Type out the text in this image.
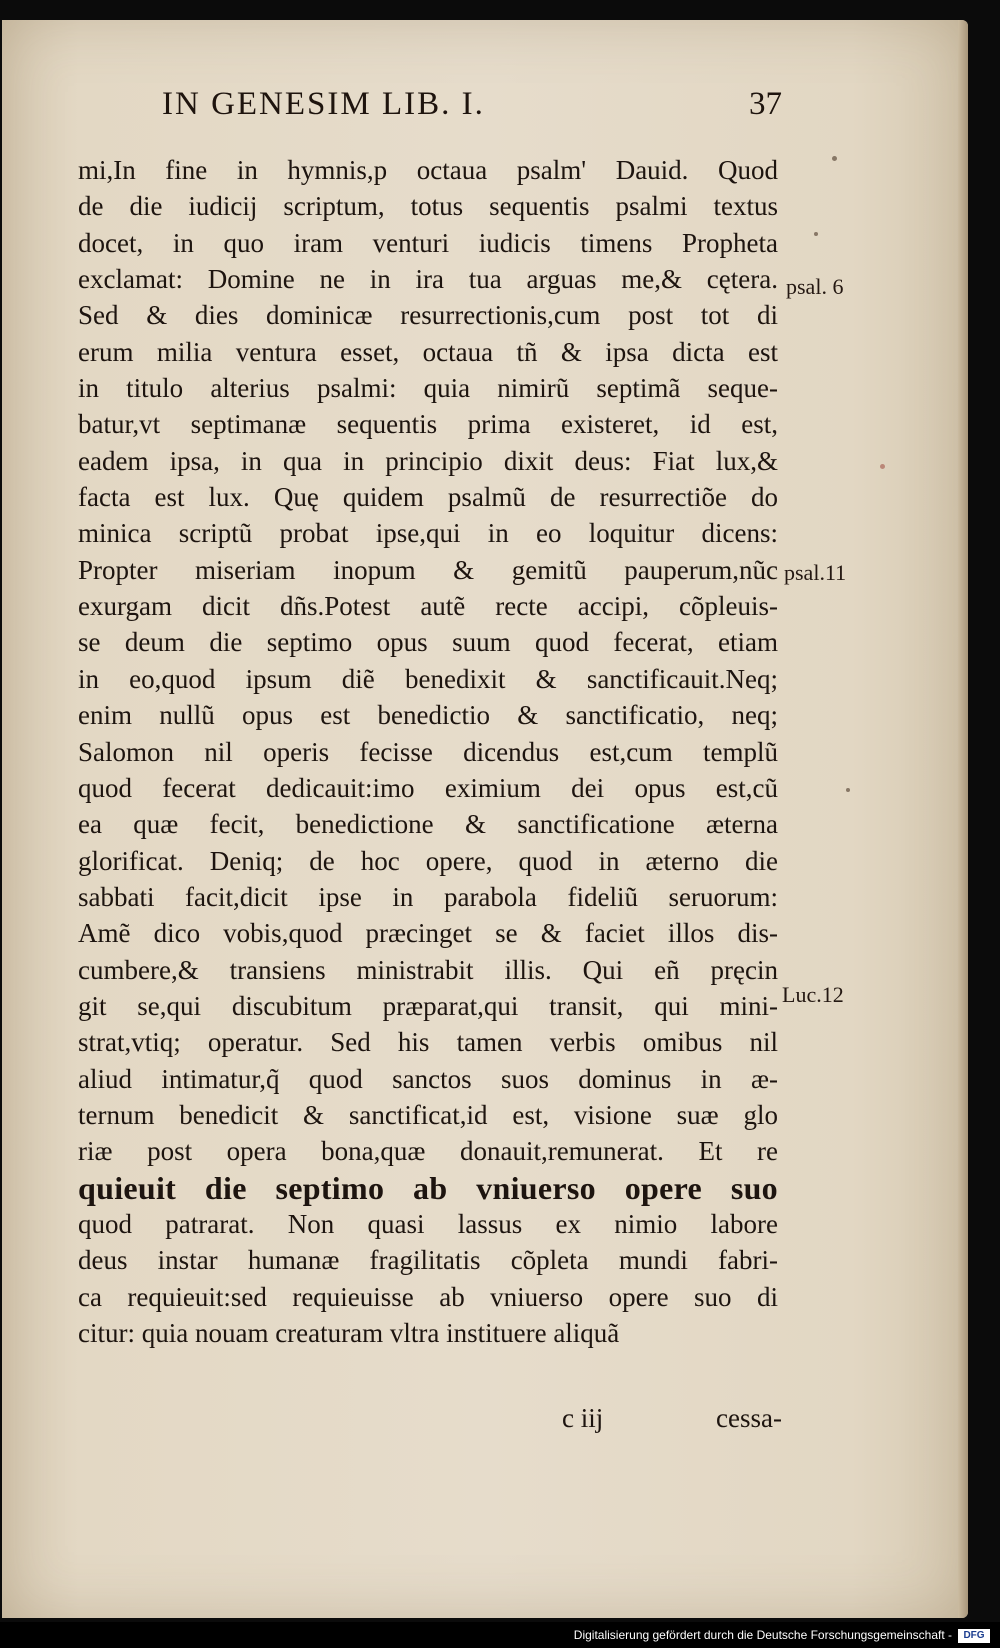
IN GENESIM LIB. I.	37
mi,In fine in hymnis,p octaua psalm' Dauid. Quod
de die iudicij scriptum, totus sequentis psalmi textus
docet, in quo iram venturi iudicis timens Propheta
exclamat: Domine ne in ira tua arguas me,& cętera.
Sed & dies dominicæ resurrectionis,cum post tot di
erum milia ventura esset, octaua tñ & ipsa dicta est
in titulo alterius psalmi: quia nimirũ septimã seque-
batur,vt septimanæ sequentis prima existeret, id est,
eadem ipsa, in qua in principio dixit deus: Fiat lux,&
facta est lux. Quę quidem psalmũ de resurrectiõe do
minica scriptũ probat ipse,qui in eo loquitur dicens:
Propter miseriam inopum & gemitũ pauperum,nũc
exurgam dicit dñs.Potest autẽ recte accipi, cõpleuis-
se deum die septimo opus suum quod fecerat, etiam
in eo,quod ipsum diẽ benedixit & sanctificauit.Neq;
enim nullũ opus est benedictio & sanctificatio, neq;
Salomon nil operis fecisse dicendus est,cum templũ
quod fecerat dedicauit:imo eximium dei opus est,cũ
ea quæ fecit, benedictione & sanctificatione æterna
glorificat. Deniq; de hoc opere, quod in æterno die
sabbati facit,dicit ipse in parabola fideliũ seruorum:
Amẽ dico vobis,quod præcinget se & faciet illos dis-
cumbere,& transiens ministrabit illis. Qui eñ pręcin
git se,qui discubitum præparat,qui transit, qui mini-
strat,vtiq; operatur. Sed his tamen verbis omibus nil
aliud intimatur,q̃ quod sanctos suos dominus in æ-
ternum benedicit & sanctificat,id est, visione suæ glo
riæ post opera bona,quæ donauit,remunerat. Et re
quieuit die septimo ab vniuerso opere suo
quod patrarat. Non quasi lassus ex nimio labore
deus instar humanæ fragilitatis cõpleta mundi fabri-
ca requieuit:sed requieuisse ab vniuerso opere suo di
citur: quia nouam creaturam vltra instituere aliquã
c iij	cessa-
psal. 6
psal.11
Luc.12
Digitalisierung gefördert durch die Deutsche Forschungsgemeinschaft -	DFG
